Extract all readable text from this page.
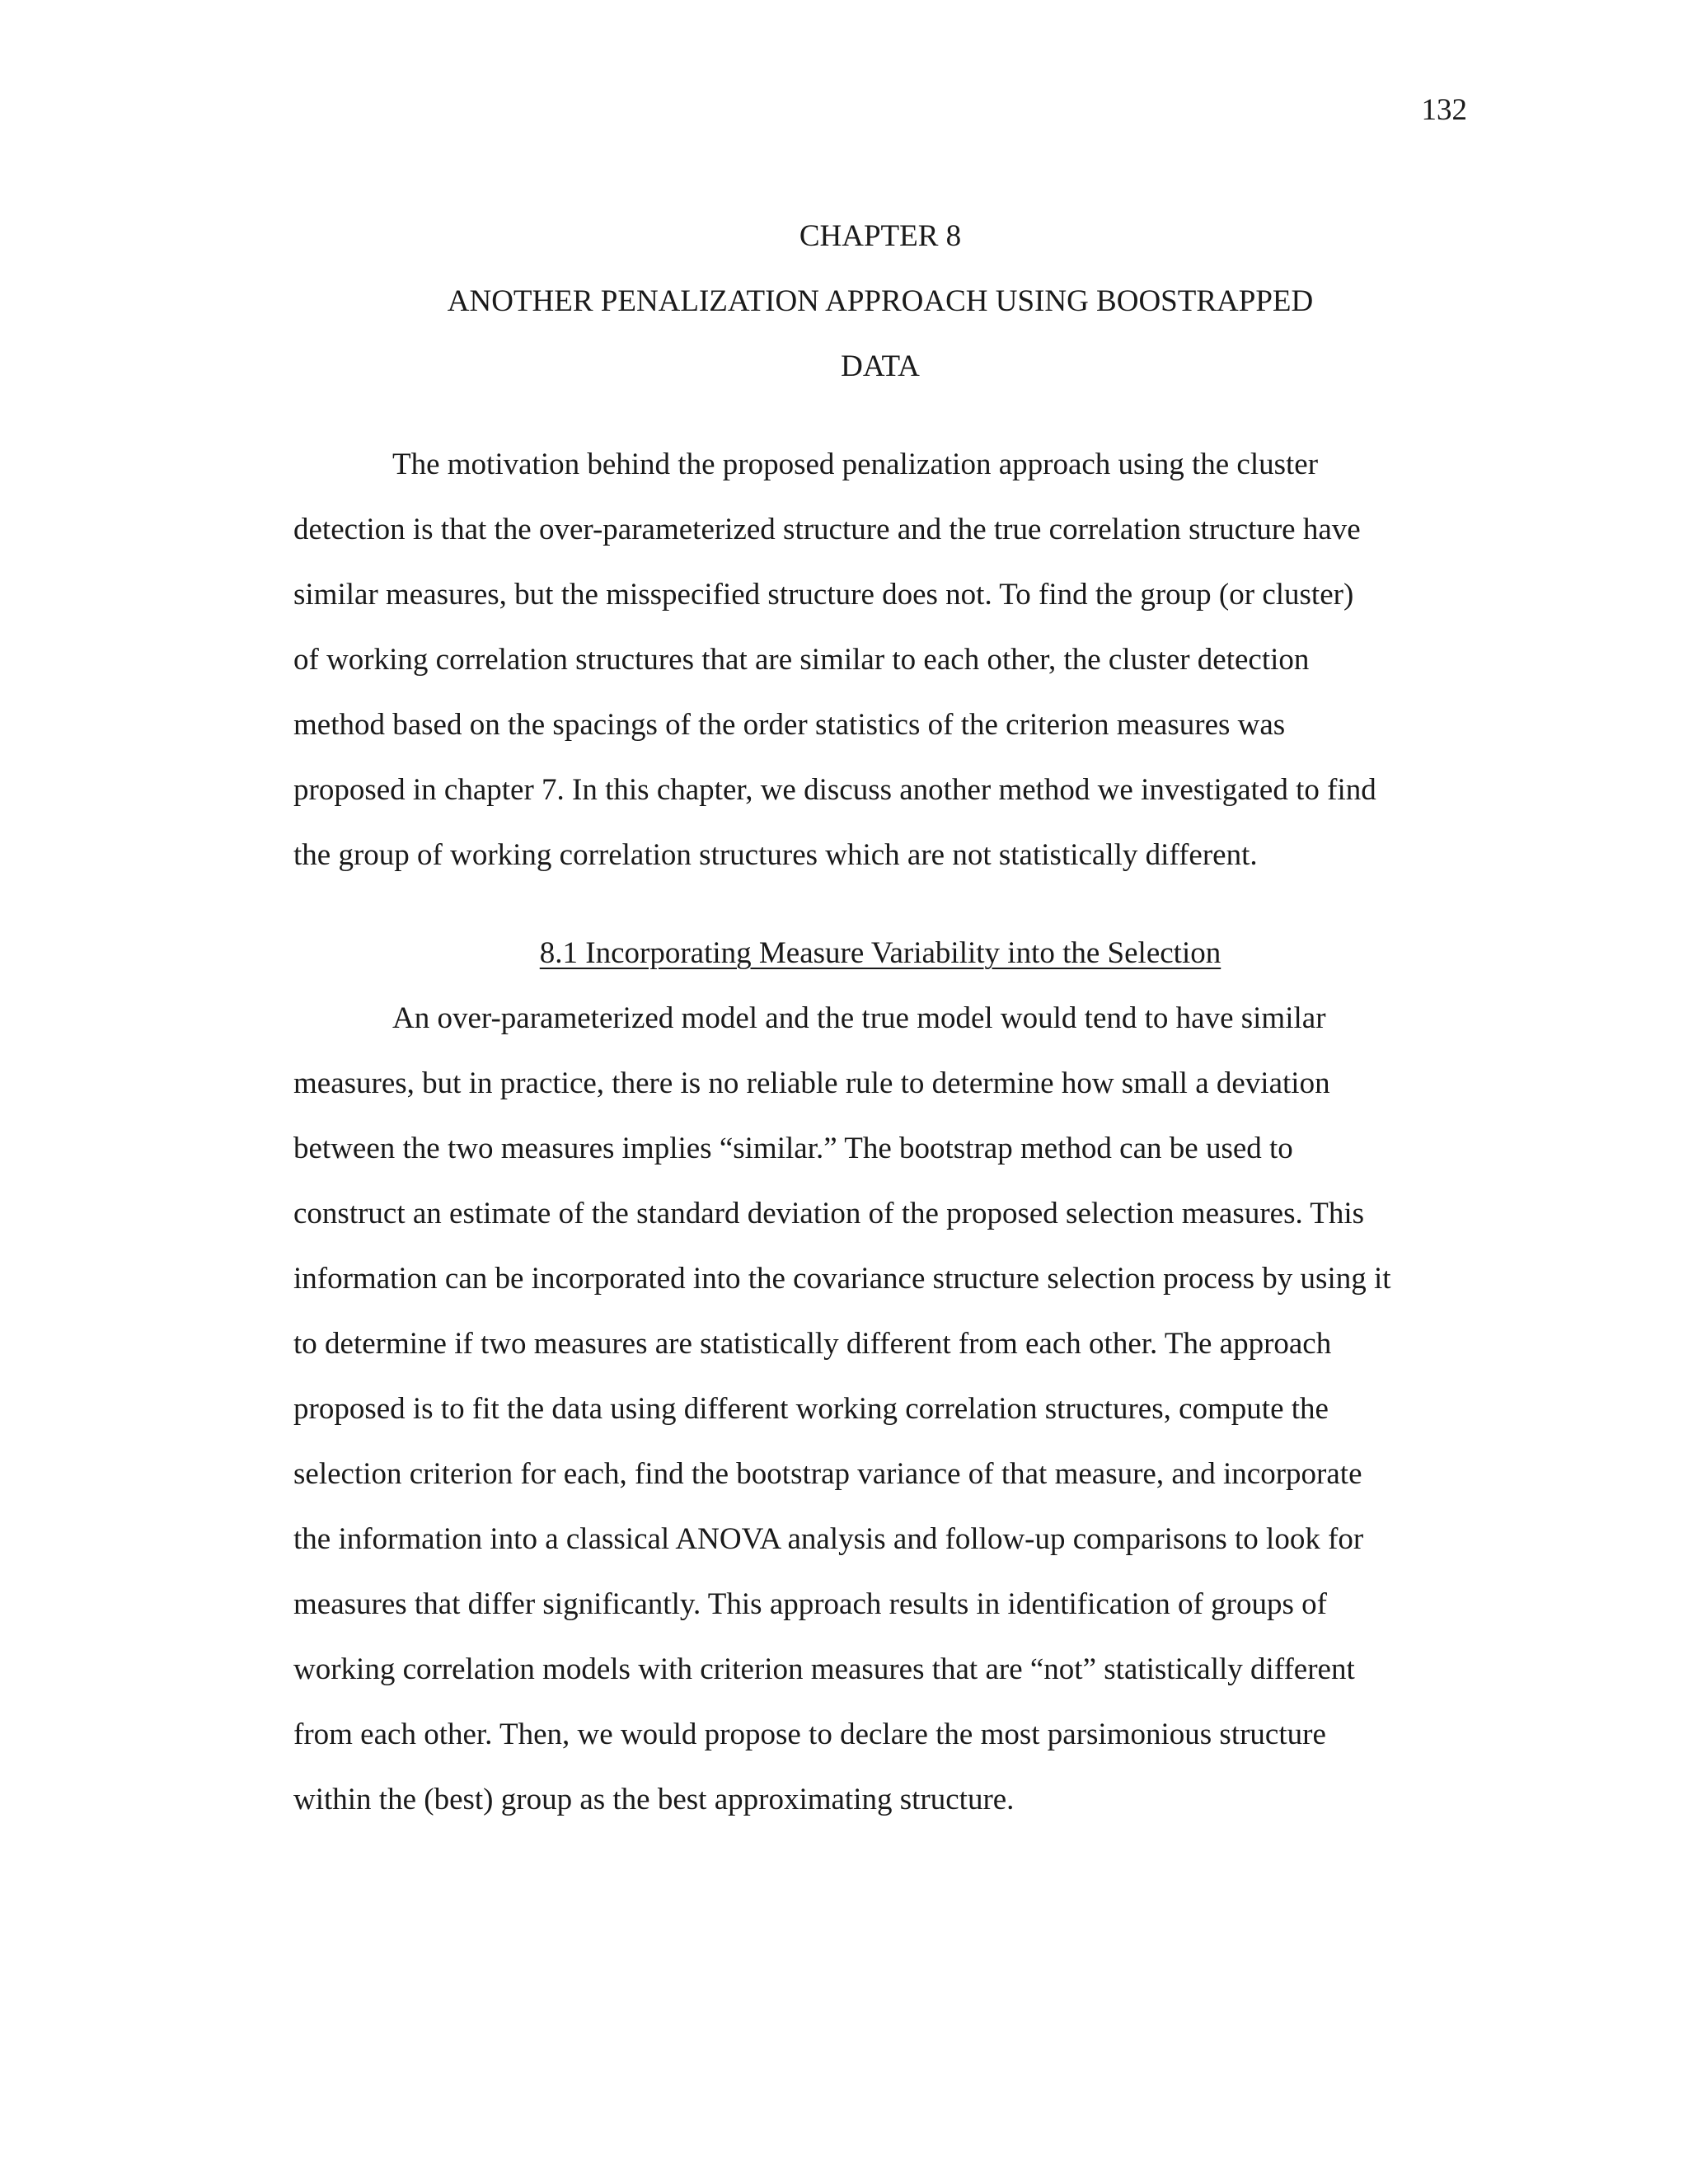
132
CHAPTER 8
ANOTHER PENALIZATION APPROACH USING BOOSTRAPPED
DATA
The motivation behind the proposed penalization approach using the cluster
detection is that the over-parameterized structure and the true correlation structure have
similar measures, but the misspecified structure does not. To find the group (or cluster)
of working correlation structures that are similar to each other, the cluster detection
method based on the spacings of the order statistics of the criterion measures was
proposed in chapter 7. In this chapter, we discuss another method we investigated to find
the group of working correlation structures which are not statistically different.
8.1 Incorporating Measure Variability into the Selection
An over-parameterized model and the true model would tend to have similar
measures, but in practice, there is no reliable rule to determine how small a deviation
between the two measures implies “similar.” The bootstrap method can be used to
construct an estimate of the standard deviation of the proposed selection measures. This
information can be incorporated into the covariance structure selection process by using it
to determine if two measures are statistically different from each other. The approach
proposed is to fit the data using different working correlation structures, compute the
selection criterion for each, find the bootstrap variance of that measure, and incorporate
the information into a classical ANOVA analysis and follow-up comparisons to look for
measures that differ significantly. This approach results in identification of groups of
working correlation models with criterion measures that are “not” statistically different
from each other. Then, we would propose to declare the most parsimonious structure
within the (best) group as the best approximating structure.
